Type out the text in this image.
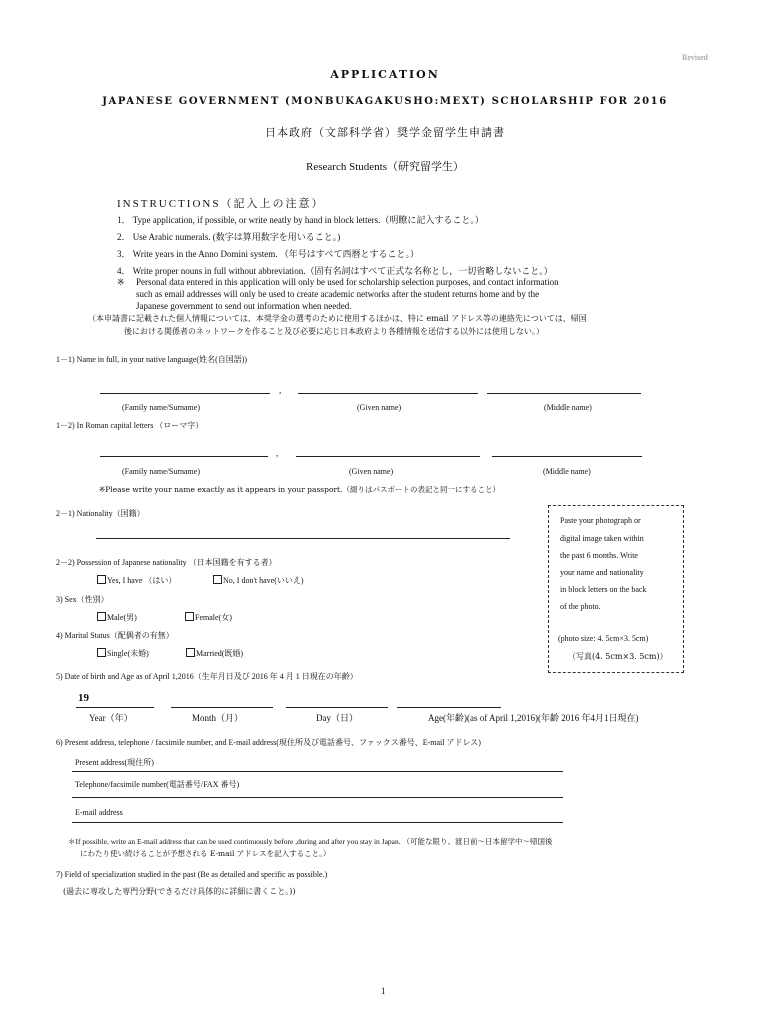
Revised
APPLICATION
JAPANESE GOVERNMENT (MONBUKAGAKUSHO:MEXT) SCHOLARSHIP FOR 2016
日本政府（文部科学省）奨学金留学生申請書
Research Students（研究留学生）
INSTRUCTIONS（記入上の注意）
1． Type application, if possible, or write neatly by hand in block letters.（明瞭に記入すること。）
2． Use Arabic numerals. (数字は算用数字を用いること。)
3． Write years in the Anno Domini system. （年号はすべて西暦とすること。）
4． Write proper nouns in full without abbreviation.（固有名詞はすべて正式な名称とし，一切省略しないこと。）
※ Personal data entered in this application will only be used for scholarship selection purposes, and contact information
such as email addresses will only be used to create academic networks after the student returns home and by the
Japanese government to send out information when needed.
（本申請書に記載された個人情報については、本奨学金の選考のために使用するほかは、特に email アドレス等の連絡先については、帰国
後における関係者のネットワークを作ること及び必要に応じ日本政府より各種情報を送信する以外には使用しない。）
1－1) Name in full, in your native language(姓名(自国語))
,
(Family name/Surname)	(Given name)	(Middle name)
1－2) In Roman capital letters （ローマ字）
,
(Family name/Surname)	(Given name)	(Middle name)
※Please write your name exactly as it appears in your passport.（綴りはパスポートの表記と同一にすること）
2－1) Nationality（国籍）
2－2) Possession of Japanese nationality （日本国籍を有する者）
Yes, I have （はい）	No, I don't have(いいえ)
3) Sex（性別）
Male(男)	Female(女)
4) Marital Status（配偶者の有無）
Single(未婚)	Married(既婚)
Paste your photograph or
digital image taken within
the past 6 months. Write
your name and nationality
in block letters on the back
of the photo.
(photo size: 4. 5cm×3. 5cm)
（写真(4. 5cm×3. 5cm)）
5) Date of birth and Age as of April 1,2016（生年月日及び 2016 年 4 月 1 日現在の年齢）
19
Year（年）	Month（月）	Day（日）	Age(年齢)(as of April 1,2016)(年齢 2016 年4月1日現在)
6) Present address, telephone / facsimile number, and E-mail address(現住所及び電話番号、ファックス番号、E-mail アドレス)
Present address(現住所)
Telephone/facsimile number(電話番号/FAX 番号)
E-mail address
＊If possible, write an E-mail address that can be used continuously before ,during and after you stay in Japan. （可能な限り、渡日前～日本留学中～帰国後
にわたり使い続けることが予想される E-mail アドレスを記入すること。）
7) Field of specialization studied in the past (Be as detailed and specific as possible.)
(過去に専攻した専門分野(できるだけ具体的に詳細に書くこと。))
1
